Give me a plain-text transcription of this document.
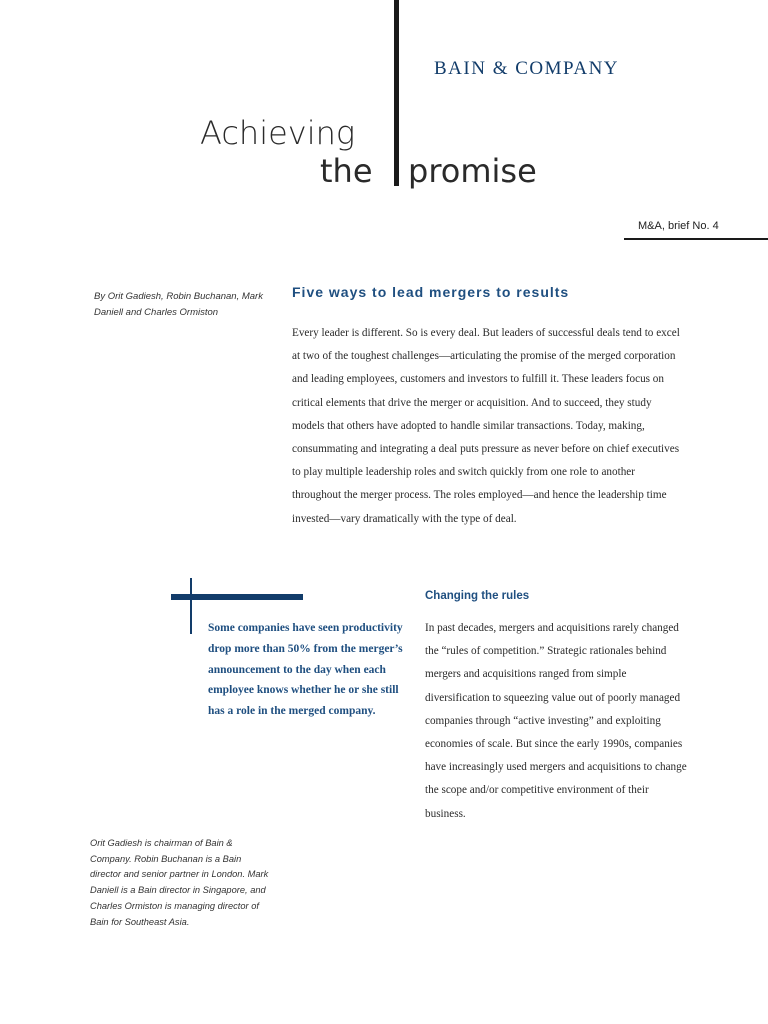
BAIN & COMPANY
Achieving
the promise
M&A, brief No. 4
By Orit Gadiesh, Robin Buchanan, Mark Daniell and Charles Ormiston
Five ways to lead mergers to results

Every leader is different. So is every deal. But leaders of successful deals tend to excel at two of the toughest challenges—articulating the promise of the merged corporation and leading employees, customers and investors to fulfill it. These leaders focus on critical elements that drive the merger or acquisition. And to succeed, they study models that others have adopted to handle similar transactions. Today, making, consummating and integrating a deal puts pressure as never before on chief executives to play multiple leadership roles and switch quickly from one role to another throughout the merger process. The roles employed—and hence the leadership time invested—vary dramatically with the type of deal.

Some companies have seen productivity drop more than 50% from the merger’s announcement to the day when each employee knows whether he or she still has a role in the merged company.

Changing the rules

In past decades, mergers and acquisitions rarely changed the “rules of competition.” Strategic rationales behind mergers and acquisitions ranged from simple diversification to squeezing value out of poorly managed companies through “active investing” and exploiting economies of scale. But since the early 1990s, companies have increasingly used mergers and acquisitions to change the scope and/or competitive environment of their business.

Orit Gadiesh is chairman of Bain & Company. Robin Buchanan is a Bain director and senior partner in London. Mark Daniell is a Bain director in Singapore, and Charles Ormiston is managing director of Bain for Southeast Asia.
